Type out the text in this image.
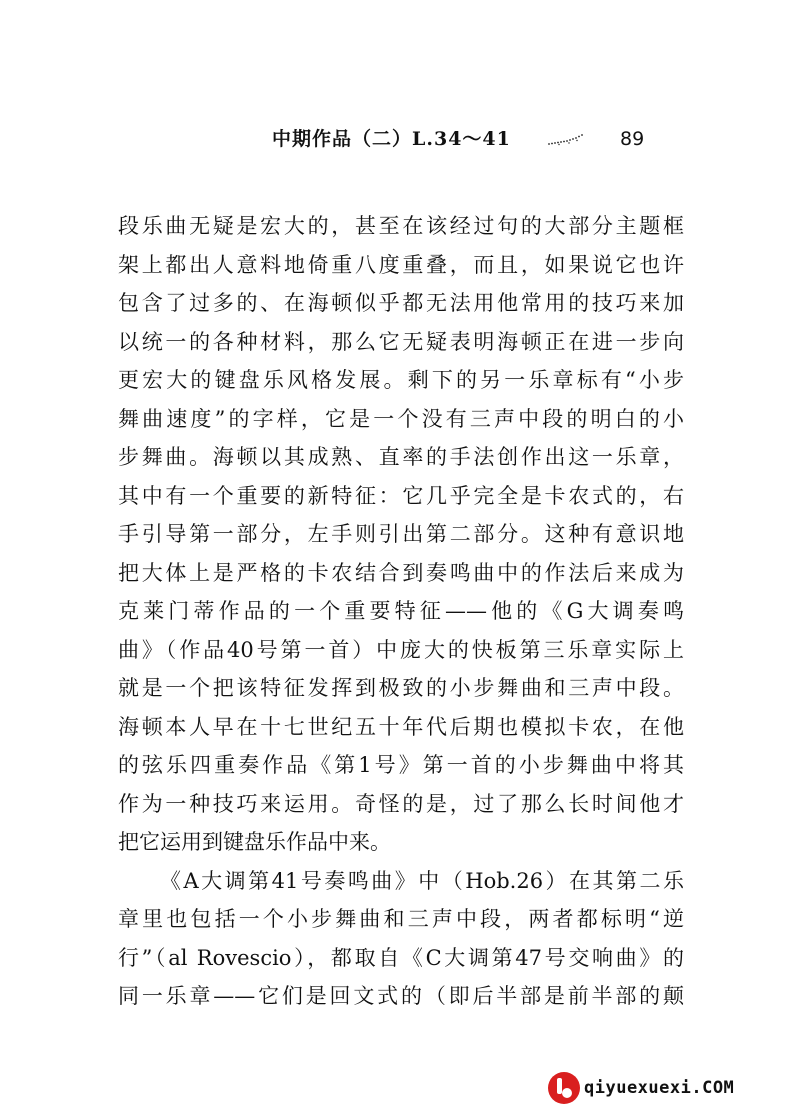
中期作品（二）L.34～41	89
段乐曲无疑是宏大的，甚至在该经过句的大部分主题框
架上都出人意料地倚重八度重叠，而且，如果说它也许
包含了过多的、在海顿似乎都无法用他常用的技巧来加
以统一的各种材料，那么它无疑表明海顿正在进一步向
更宏大的键盘乐风格发展。剩下的另一乐章标有“小步
舞曲速度”的字样，它是一个没有三声中段的明白的小
步舞曲。海顿以其成熟、直率的手法创作出这一乐章，
其中有一个重要的新特征：它几乎完全是卡农式的，右
手引导第一部分，左手则引出第二部分。这种有意识地
把大体上是严格的卡农结合到奏鸣曲中的作法后来成为
克莱门蒂作品的一个重要特征——他的《G大调奏鸣
曲》（作品40号第一首）中庞大的快板第三乐章实际上
就是一个把该特征发挥到极致的小步舞曲和三声中段。
海顿本人早在十七世纪五十年代后期也模拟卡农，在他
的弦乐四重奏作品《第1号》第一首的小步舞曲中将其
作为一种技巧来运用。奇怪的是，过了那么长时间他才
把它运用到键盘乐作品中来。
《A大调第41号奏鸣曲》中（Hob.26）在其第二乐
章里也包括一个小步舞曲和三声中段，两者都标明“逆
行”（al Rovescio），都取自《C大调第47号交响曲》的
同一乐章——它们是回文式的（即后半部是前半部的颠
qiyuexuexi.COM
